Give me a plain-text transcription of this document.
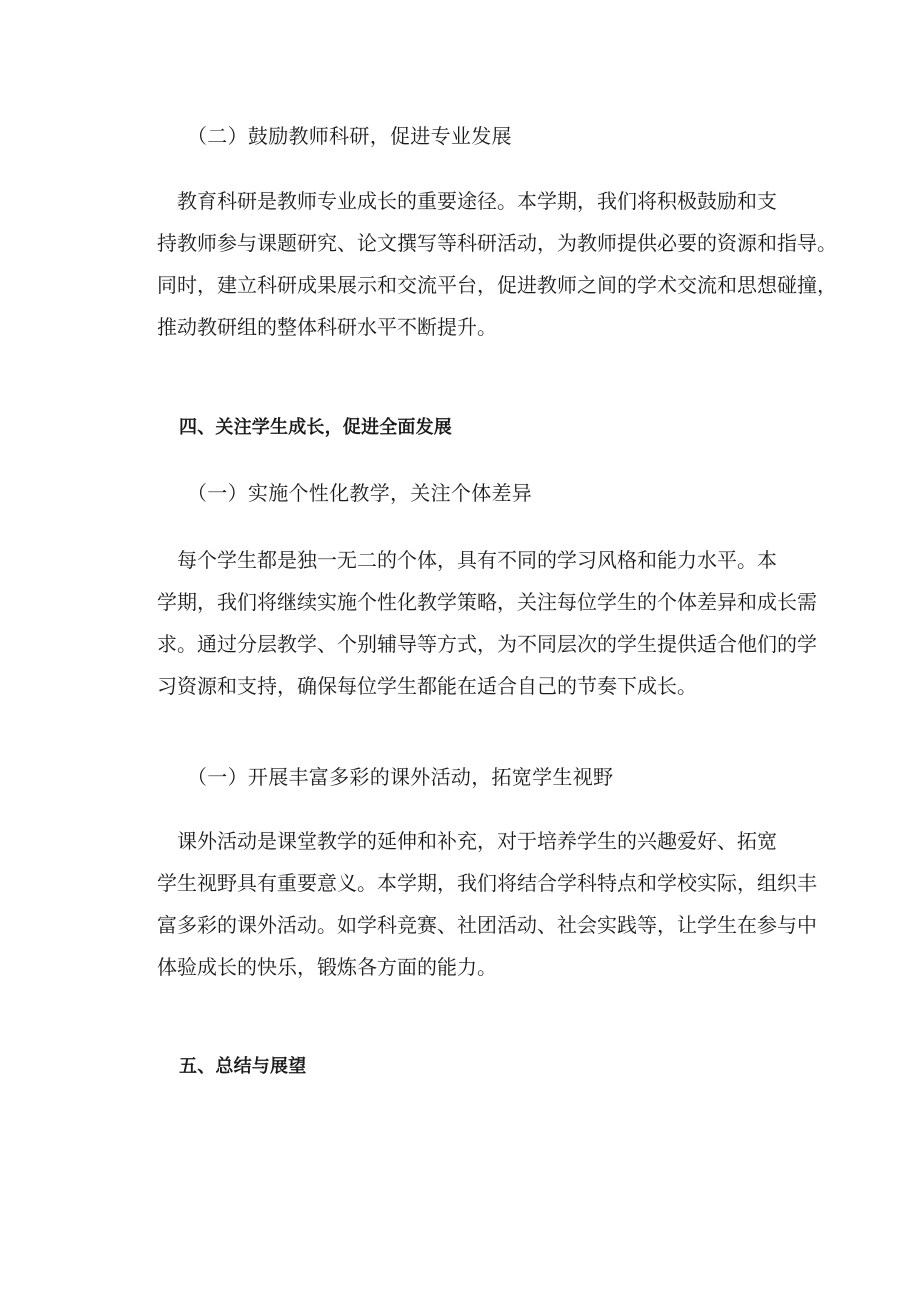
（二）鼓励教师科研，促进专业发展
教育科研是教师专业成长的重要途径。本学期，我们将积极鼓励和支
持教师参与课题研究、论文撰写等科研活动，为教师提供必要的资源和指导。
同时，建立科研成果展示和交流平台，促进教师之间的学术交流和思想碰撞，
推动教研组的整体科研水平不断提升。
四、关注学生成长，促进全面发展
（一）实施个性化教学，关注个体差异
每个学生都是独一无二的个体，具有不同的学习风格和能力水平。本
学期，我们将继续实施个性化教学策略，关注每位学生的个体差异和成长需
求。通过分层教学、个别辅导等方式，为不同层次的学生提供适合他们的学
习资源和支持，确保每位学生都能在适合自己的节奏下成长。
（一）开展丰富多彩的课外活动，拓宽学生视野
课外活动是课堂教学的延伸和补充，对于培养学生的兴趣爱好、拓宽
学生视野具有重要意义。本学期，我们将结合学科特点和学校实际，组织丰
富多彩的课外活动。如学科竞赛、社团活动、社会实践等，让学生在参与中
体验成长的快乐，锻炼各方面的能力。
五、总结与展望
